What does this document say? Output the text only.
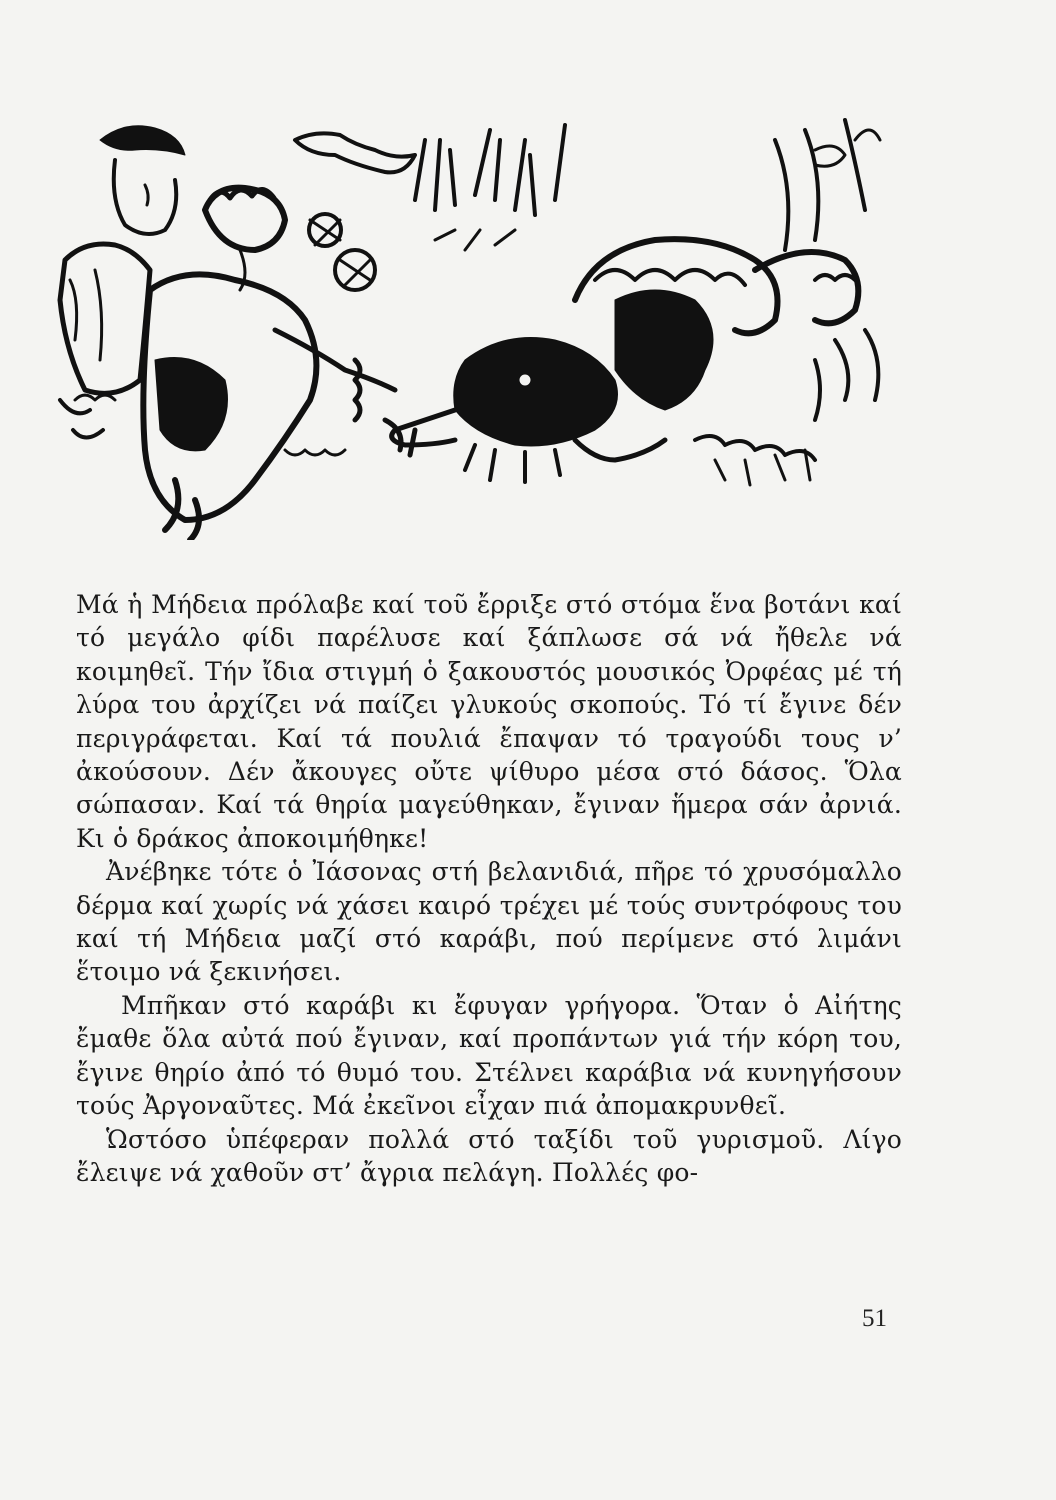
Μά ἡ Μήδεια πρόλαβε καί τοῦ ἔρριξε στό στόμα ἕνα βοτάνι καί τό μεγάλο φίδι παρέλυσε καί ξάπλωσε σά νά ἤθελε νά κοιμηθεῖ. Τήν ἴδια στιγμή ὁ ξακουστός μουσικός Ὀρφέας μέ τή λύρα του ἀρχίζει νά παίζει γλυκούς σκοπούς. Τό τί ἔγινε δέν περιγράφεται. Καί τά πουλιά ἔπαψαν τό τραγούδι τους ν’ ἀκούσουν. Δέν ἄκουγες οὔτε ψίθυρο μέσα στό δάσος. Ὅλα σώπασαν. Καί τά θηρία μαγεύθηκαν, ἔγιναν ἥμερα σάν ἀρνιά. Κι ὁ δράκος ἀποκοιμήθηκε!

Ἀνέβηκε τότε ὁ Ἰάσονας στή βελανιδιά, πῆρε τό χρυσόμαλλο δέρμα καί χωρίς νά χάσει καιρό τρέχει μέ τούς συντρόφους του καί τή Μήδεια μαζί στό καράβι, πού περίμενε στό λιμάνι ἕτοιμο νά ξεκινήσει.

Μπῆκαν στό καράβι κι ἔφυγαν γρήγορα. Ὅταν ὁ Αἰήτης ἔμαθε ὅλα αὐτά πού ἔγιναν, καί προπάντων γιά τήν κόρη του, ἔγινε θηρίο ἀπό τό θυμό του. Στέλνει καράβια νά κυνηγήσουν τούς Ἀργοναῦτες. Μά ἐκεῖνοι εἶχαν πιά ἀπομακρυνθεῖ.

Ὡστόσο ὑπέφεραν πολλά στό ταξίδι τοῦ γυρισμοῦ. Λίγο ἔλειψε νά χαθοῦν στ’ ἄγρια πελάγη. Πολλές φο-

51
